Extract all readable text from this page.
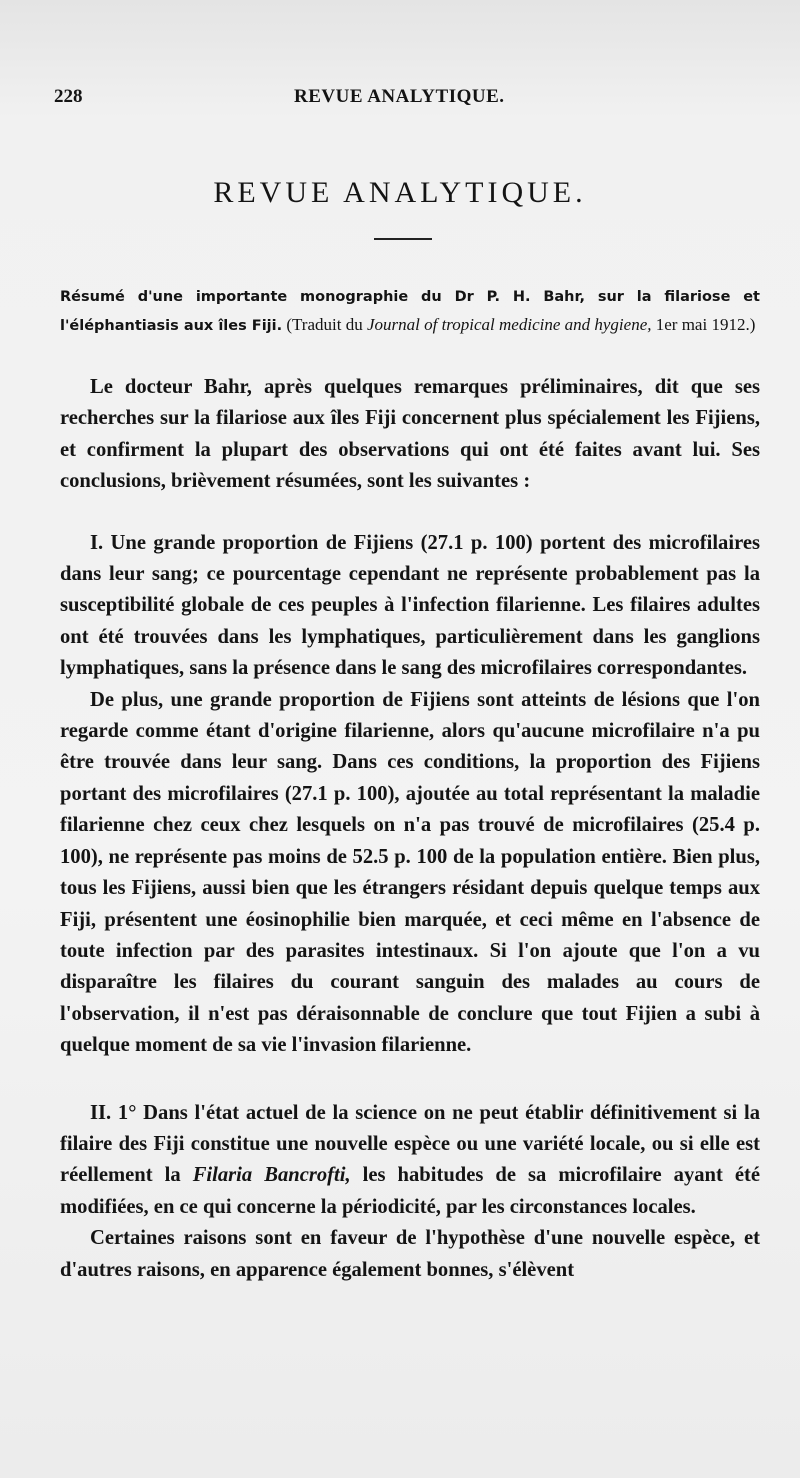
228	REVUE ANALYTIQUE.
REVUE ANALYTIQUE.
Résumé d'une importante monographie du Dr P. H. Bahr, sur la filariose et l'éléphantiasis aux îles Fiji. (Traduit du Journal of tropical medicine and hygiene, 1er mai 1912.)

Le docteur Bahr, après quelques remarques préliminaires, dit que ses recherches sur la filariose aux îles Fiji concernent plus spécialement les Fijiens, et confirment la plupart des observations qui ont été faites avant lui. Ses conclusions, brièvement résumées, sont les suivantes :

I. Une grande proportion de Fijiens (27.1 p. 100) portent des microfilaires dans leur sang; ce pourcentage cependant ne représente probablement pas la susceptibilité globale de ces peuples à l'infection filarienne. Les filaires adultes ont été trouvées dans les lymphatiques, particulièrement dans les ganglions lymphatiques, sans la présence dans le sang des microfilaires correspondantes.

De plus, une grande proportion de Fijiens sont atteints de lésions que l'on regarde comme étant d'origine filarienne, alors qu'aucune microfilaire n'a pu être trouvée dans leur sang. Dans ces conditions, la proportion des Fijiens portant des microfilaires (27.1 p. 100), ajoutée au total représentant la maladie filarienne chez ceux chez lesquels on n'a pas trouvé de microfilaires (25.4 p. 100), ne représente pas moins de 52.5 p. 100 de la population entière. Bien plus, tous les Fijiens, aussi bien que les étrangers résidant depuis quelque temps aux Fiji, présentent une éosinophilie bien marquée, et ceci même en l'absence de toute infection par des parasites intestinaux. Si l'on ajoute que l'on a vu disparaître les filaires du courant sanguin des malades au cours de l'observation, il n'est pas déraisonnable de conclure que tout Fijien a subi à quelque moment de sa vie l'invasion filarienne.

II. 1° Dans l'état actuel de la science on ne peut établir définitivement si la filaire des Fiji constitue une nouvelle espèce ou une variété locale, ou si elle est réellement la Filaria Bancrofti, les habitudes de sa microfilaire ayant été modifiées, en ce qui concerne la périodicité, par les circonstances locales.

Certaines raisons sont en faveur de l'hypothèse d'une nouvelle espèce, et d'autres raisons, en apparence également bonnes, s'élèvent
